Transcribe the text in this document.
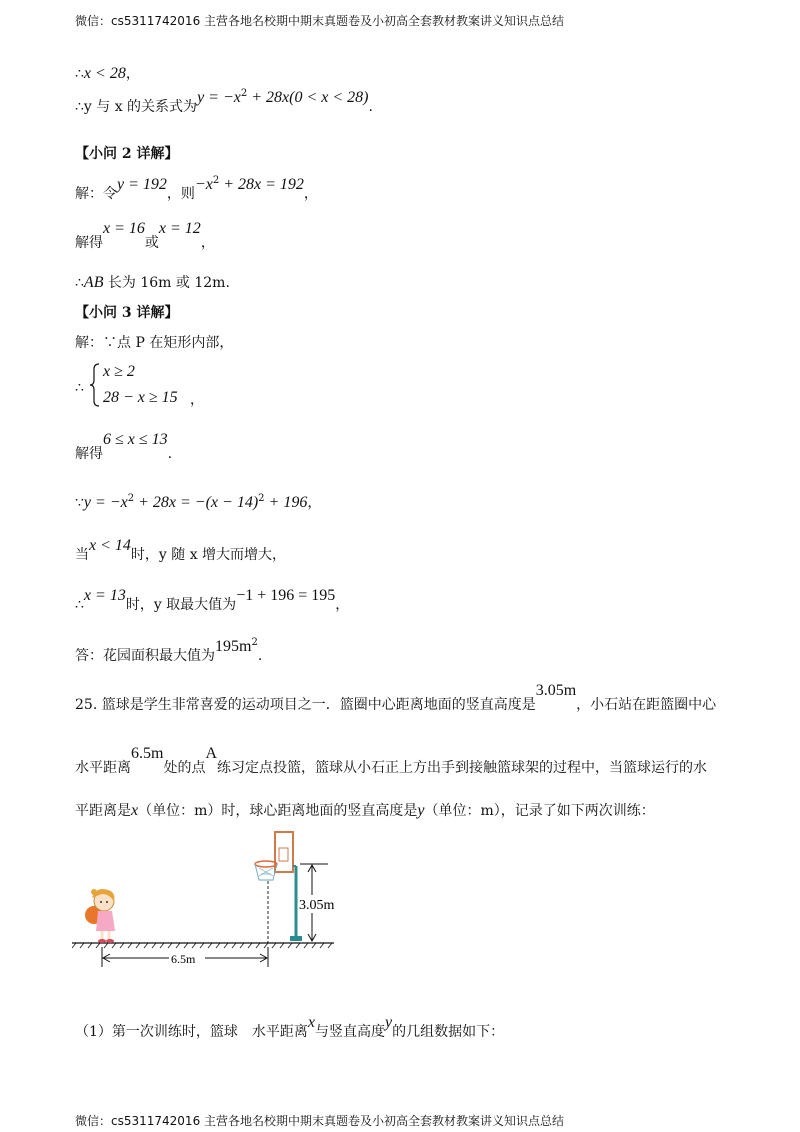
微信：cs5311742016 主营各地名校期中期末真题卷及小初高全套教材教案讲义知识点总结
∴x < 28，
∴y 与 x 的关系式为$y = -x^2 + 28x(0 < x < 28)$.
【小问 2 详解】
解：令y = 192，则$-x^2 + 28x = 192$，
解得x = 16或x = 12，
∴AB 长为 16m 或 12m.
【小问 3 详解】
解：∵点 P 在矩形内部，
∴
x ≥ 2
28 − x ≥ 15 ，
解得6 ≤ x ≤ 13.
∵y = $-x^2 + 28x = -(x - 14)^2 + 196$，
当x < 14时，y 随 x 增大而增大，
∴x = 13时，y 取最大值为−1 + 196 = 195，
答：花园面积最大值为$195m^2$.
25. 篮球是学生非常喜爱的运动项目之一．篮圈中心距离地面的竖直高度是3.05m，小石站在距篮圈中心
水平距离6.5m处的点A练习定点投篮，篮球从小石正上方出手到接触篮球架的过程中，当篮球运行的水
平距离是x（单位：m）时，球心距离地面的竖直高度是y（单位：m），记录了如下两次训练：
3.05m
6.5m
（1）第一次训练时，篮球　水平距离x与竖直高度y的几组数据如下：
微信：cs5311742016 主营各地名校期中期末真题卷及小初高全套教材教案讲义知识点总结
